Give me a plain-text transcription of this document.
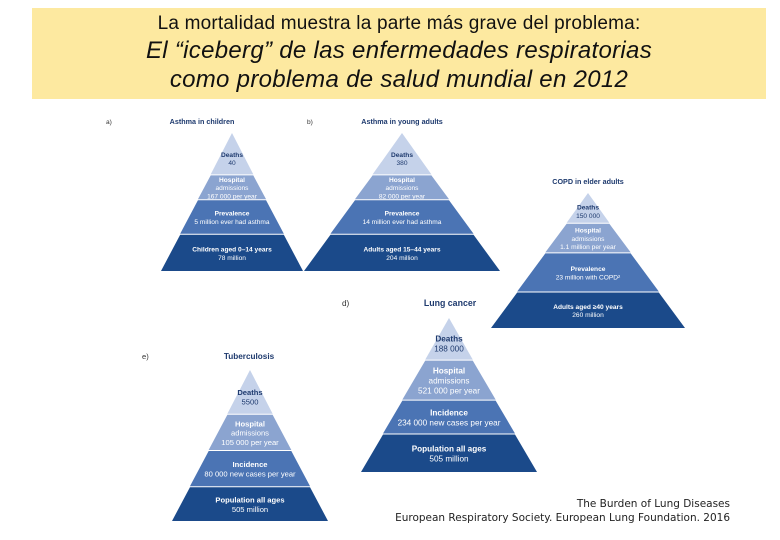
La mortalidad muestra la parte más grave del problema:
El “iceberg” de las enfermedades respiratorias
como problema de salud mundial en 2012
Deaths
40
Hospital
admissions
167 000 per year
Prevalence
5 million ever had asthma
Children aged 0–14 years
78 million
Asthma in children
a)
Deaths
380
Hospital
admissions
82 000 per year
Prevalence
14 million ever had asthma
Adults aged 15–44 years
204 million
Asthma in young adults
b)
Deaths
150 000
Hospital
admissions
1.1 million per year
Prevalence
23 million with COPD²
Adults aged ≥40 years
260 million
COPD in elder adults
Deaths
188 000
Hospital
admissions
521 000 per year
Incidence
234 000 new cases per year
Population all ages
505 million
Lung cancer
d)
Deaths
5500
Hospital
admissions
105 000 per year
Incidence
80 000 new cases per year
Population all ages
505 million
Tuberculosis
e)
The Burden of Lung Diseases
European Respiratory Society. European Lung Foundation. 2016
